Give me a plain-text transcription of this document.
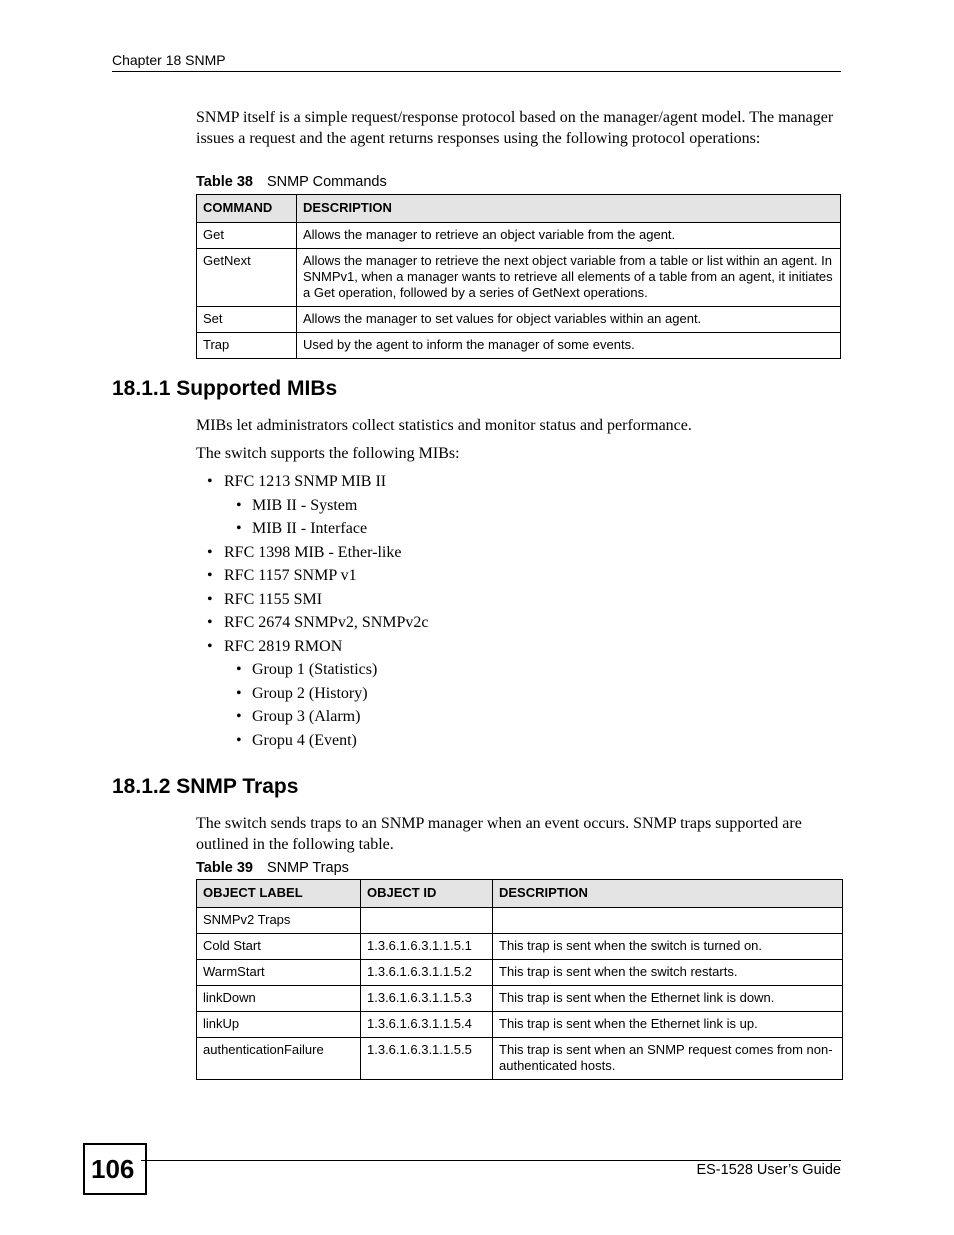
Chapter 18 SNMP

SNMP itself is a simple request/response protocol based on the manager/agent model. The manager issues a request and the agent returns responses using the following protocol operations:

Table 38 SNMP Commands
COMMAND	DESCRIPTION
Get	Allows the manager to retrieve an object variable from the agent.
GetNext	Allows the manager to retrieve the next object variable from a table or list within an agent. In SNMPv1, when a manager wants to retrieve all elements of a table from an agent, it initiates a Get operation, followed by a series of GetNext operations.
Set	Allows the manager to set values for object variables within an agent.
Trap	Used by the agent to inform the manager of some events.
18.1.1 Supported MIBs

MIBs let administrators collect statistics and monitor status and performance.

The switch supports the following MIBs:

• RFC 1213 SNMP MIB II
• MIB II - System
• MIB II - Interface
• RFC 1398 MIB - Ether-like
• RFC 1157 SNMP v1
• RFC 1155 SMI
• RFC 2674 SNMPv2, SNMPv2c
• RFC 2819 RMON
• Group 1 (Statistics)
• Group 2 (History)
• Group 3 (Alarm)
• Gropu 4 (Event)
18.1.2 SNMP Traps

The switch sends traps to an SNMP manager when an event occurs. SNMP traps supported are outlined in the following table.

Table 39 SNMP Traps
OBJECT LABEL	OBJECT ID	DESCRIPTION
SNMPv2 Traps		
Cold Start	1.3.6.1.6.3.1.1.5.1	This trap is sent when the switch is turned on.
WarmStart	1.3.6.1.6.3.1.1.5.2	This trap is sent when the switch restarts.
linkDown	1.3.6.1.6.3.1.1.5.3	This trap is sent when the Ethernet link is down.
linkUp	1.3.6.1.6.3.1.1.5.4	This trap is sent when the Ethernet link is up.
authenticationFailure	1.3.6.1.6.3.1.1.5.5	This trap is sent when an SNMP request comes from non-authenticated hosts.
106	ES-1528 User’s Guide
